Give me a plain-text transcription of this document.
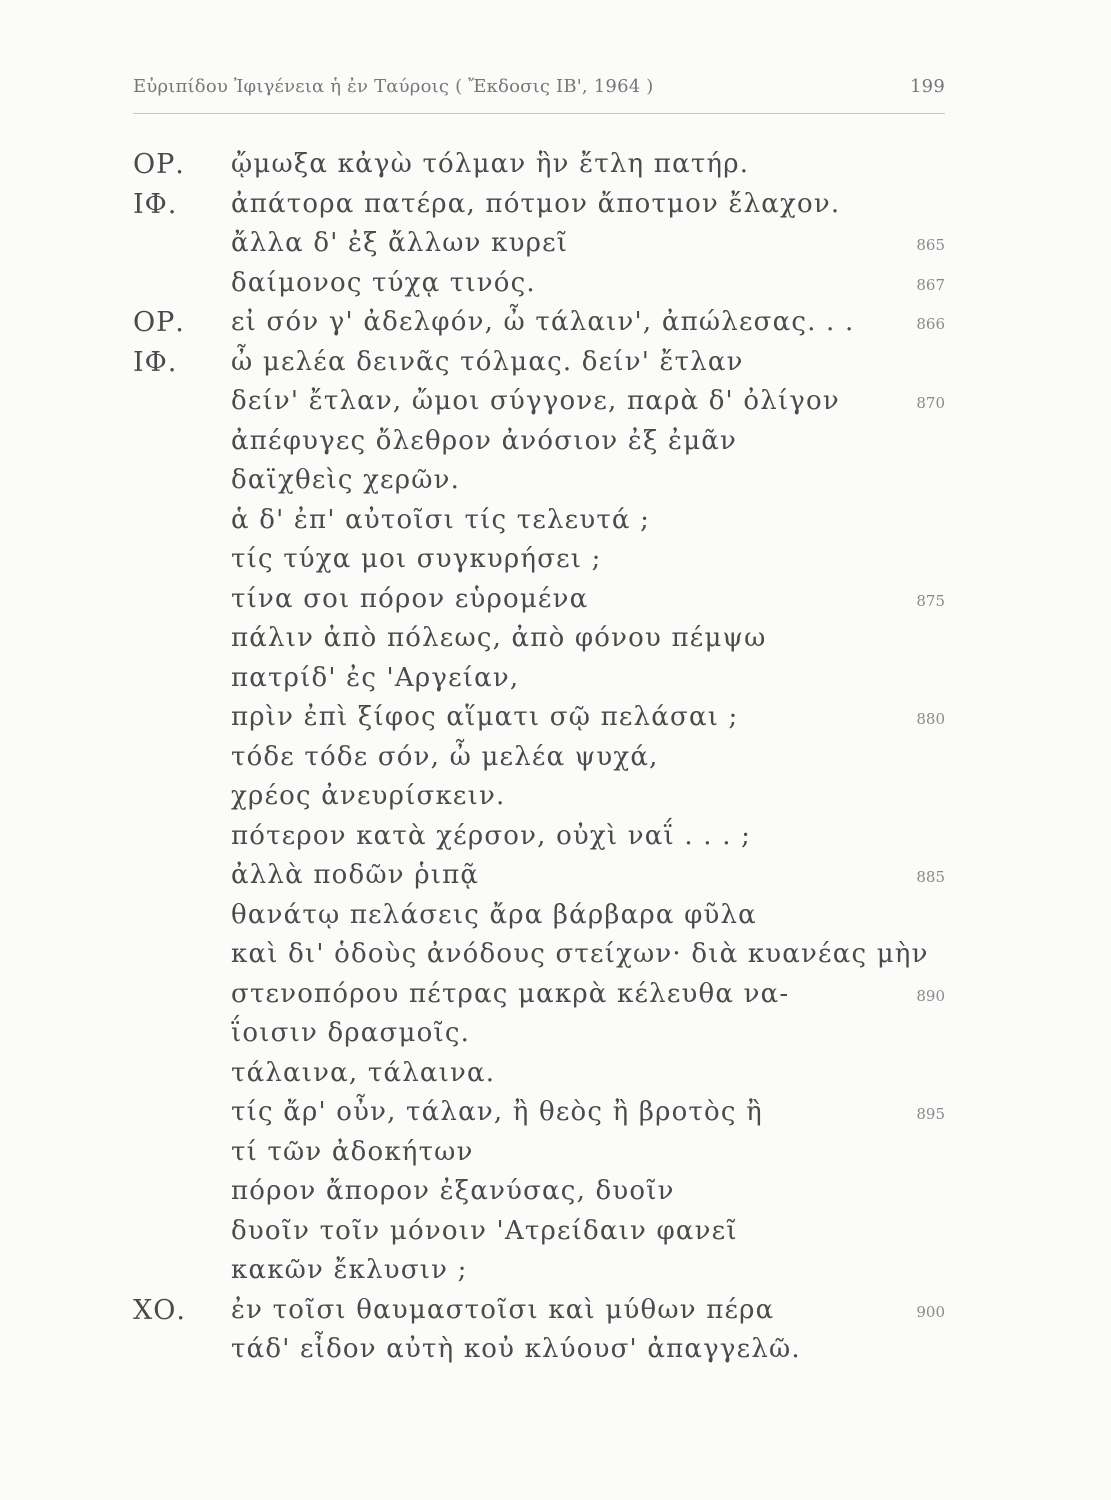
Εὐριπίδου Ἰφιγένεια ἡ ἐν Ταύροις ( Ἔκδοσις ΙΒ', 1964 )	199
ΟΡ. ᾤμωξα κἀγὼ τόλμαν ἣν ἔτλη πατήρ.
ΙΦ. ἀπάτορα πατέρα, πότμον ἄποτμον ἔλαχον.
ἄλλα δ' ἐξ ἄλλων κυρεῖ	865
δαίμονος τύχᾳ τινός.	867
ΟΡ. εἰ σόν γ' ἀδελφόν, ὦ τάλαιν', ἀπώλεσας. . .	866
ΙΦ. ὦ μελέα δεινᾶς τόλμας. δείν' ἔτλαν
δείν' ἔτλαν, ὤμοι σύγγονε, παρὰ δ' ὀλίγον	870
ἀπέφυγες ὄλεθρον ἀνόσιον ἐξ ἐμᾶν
δαϊχθεὶς χερῶν.
ἁ δ' ἐπ' αὐτοῖσι τίς τελευτά ;
τίς τύχα μοι συγκυρήσει ;
τίνα σοι πόρον εὑρομένα	875
πάλιν ἀπὸ πόλεως, ἀπὸ φόνου πέμψω
πατρίδ' ἐς 'Αργείαν,
πρὶν ἐπὶ ξίφος αἵματι σῷ πελάσαι ;	880
τόδε τόδε σόν, ὦ μελέα ψυχά,
χρέος ἀνευρίσκειν.
πότερον κατὰ χέρσον, οὐχὶ ναΐ . . . ;
ἀλλὰ ποδῶν ῥιπᾷ	885
θανάτῳ πελάσεις ἄρα βάρβαρα φῦλα
καὶ δι' ὁδοὺς ἀνόδους στείχων· διὰ κυανέας μὴν
στενοπόρου πέτρας μακρὰ κέλευθα να-	890
ΐοισιν δρασμοῖς.
τάλαινα, τάλαινα.
τίς ἄρ' οὖν, τάλαν, ἢ θεὸς ἢ βροτὸς ἢ	895
τί τῶν ἀδοκήτων
πόρον ἄπορον ἐξανύσας, δυοῖν
δυοῖν τοῖν μόνοιν 'Ατρείδαιν φανεῖ
κακῶν ἔκλυσιν ;
ΧΟ. ἐν τοῖσι θαυμαστοῖσι καὶ μύθων πέρα	900
τάδ' εἶδον αὐτὴ κοὐ κλύουσ' ἀπαγγελῶ.
